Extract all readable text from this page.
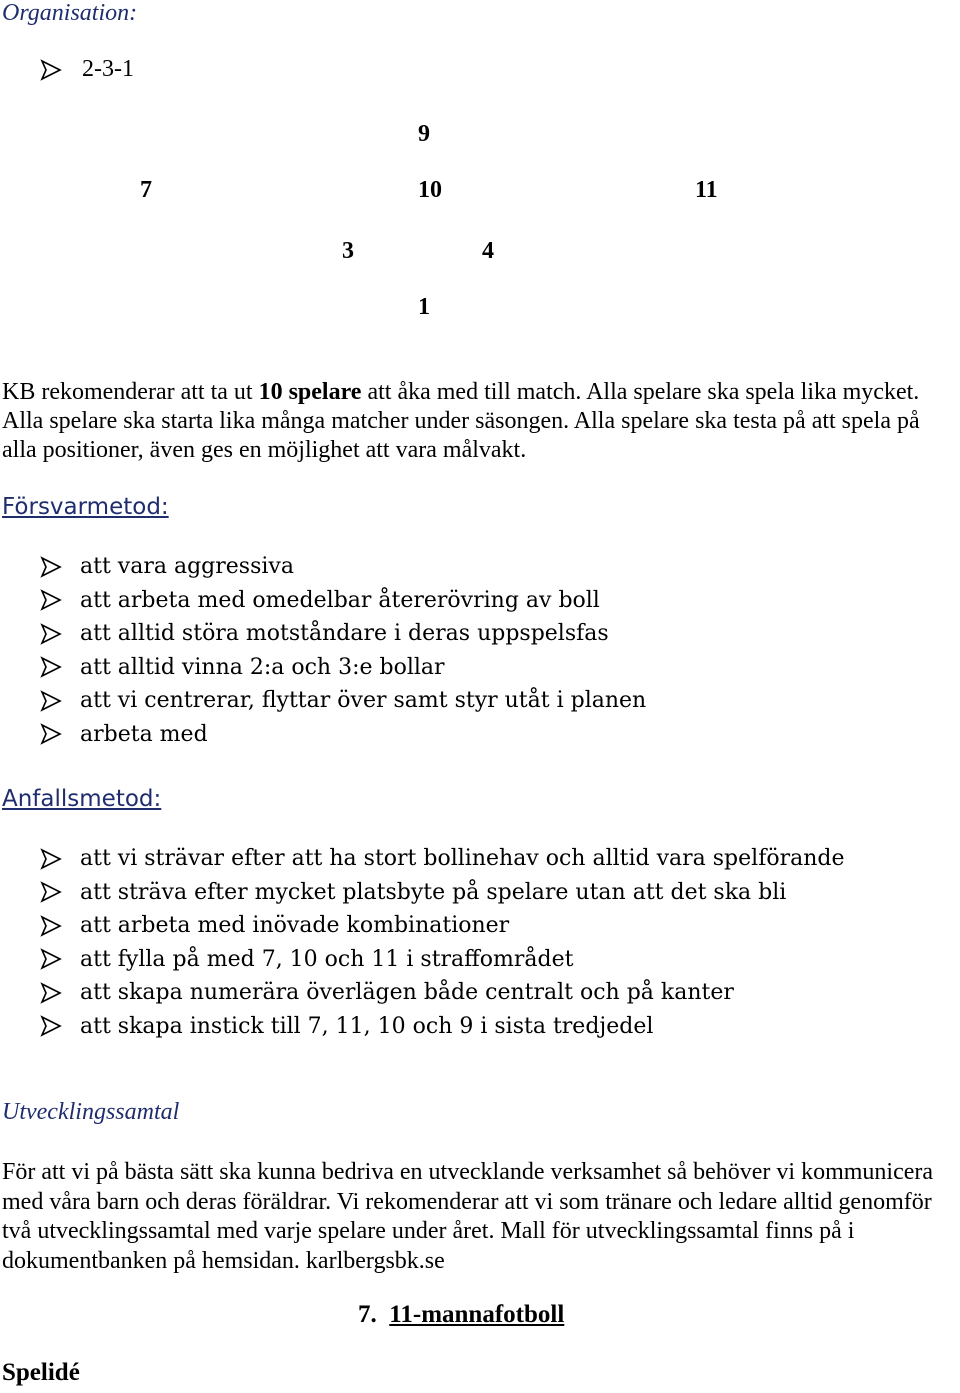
Organisation:
2-3-1
9
7	10	11
3	4
1
KB rekomenderar att ta ut 10 spelare att åka med till match. Alla spelare ska spela lika mycket. Alla spelare ska starta lika många matcher under säsongen. Alla spelare ska testa på att spela på alla positioner, även ges en möjlighet att vara målvakt.
Försvarmetod:
att vara aggressiva
att arbeta med omedelbar återerövring av boll
att alltid störa motståndare i deras uppspelsfas
att alltid vinna 2:a och 3:e bollar
att vi centrerar, flyttar över samt styr utåt i planen
arbeta med
Anfallsmetod:
att vi strävar efter att ha stort bollinehav och alltid vara spelförande
att sträva efter mycket platsbyte på spelare utan att det ska bli
att arbeta med inövade kombinationer
att fylla på med 7, 10 och 11 i straffområdet
att skapa numerära överlägen både centralt och på kanter
att skapa instick till 7, 11, 10 och 9 i sista tredjedel
Utvecklingssamtal
För att vi på bästa sätt ska kunna bedriva en utvecklande verksamhet så behöver vi kommunicera med våra barn och deras föräldrar. Vi rekomenderar att vi som tränare och ledare alltid genomför två utvecklingssamtal med varje spelare under året. Mall för utvecklingssamtal finns på i dokumentbanken på hemsidan. karlbergsbk.se
7. 11-mannafotboll
Spelidé
